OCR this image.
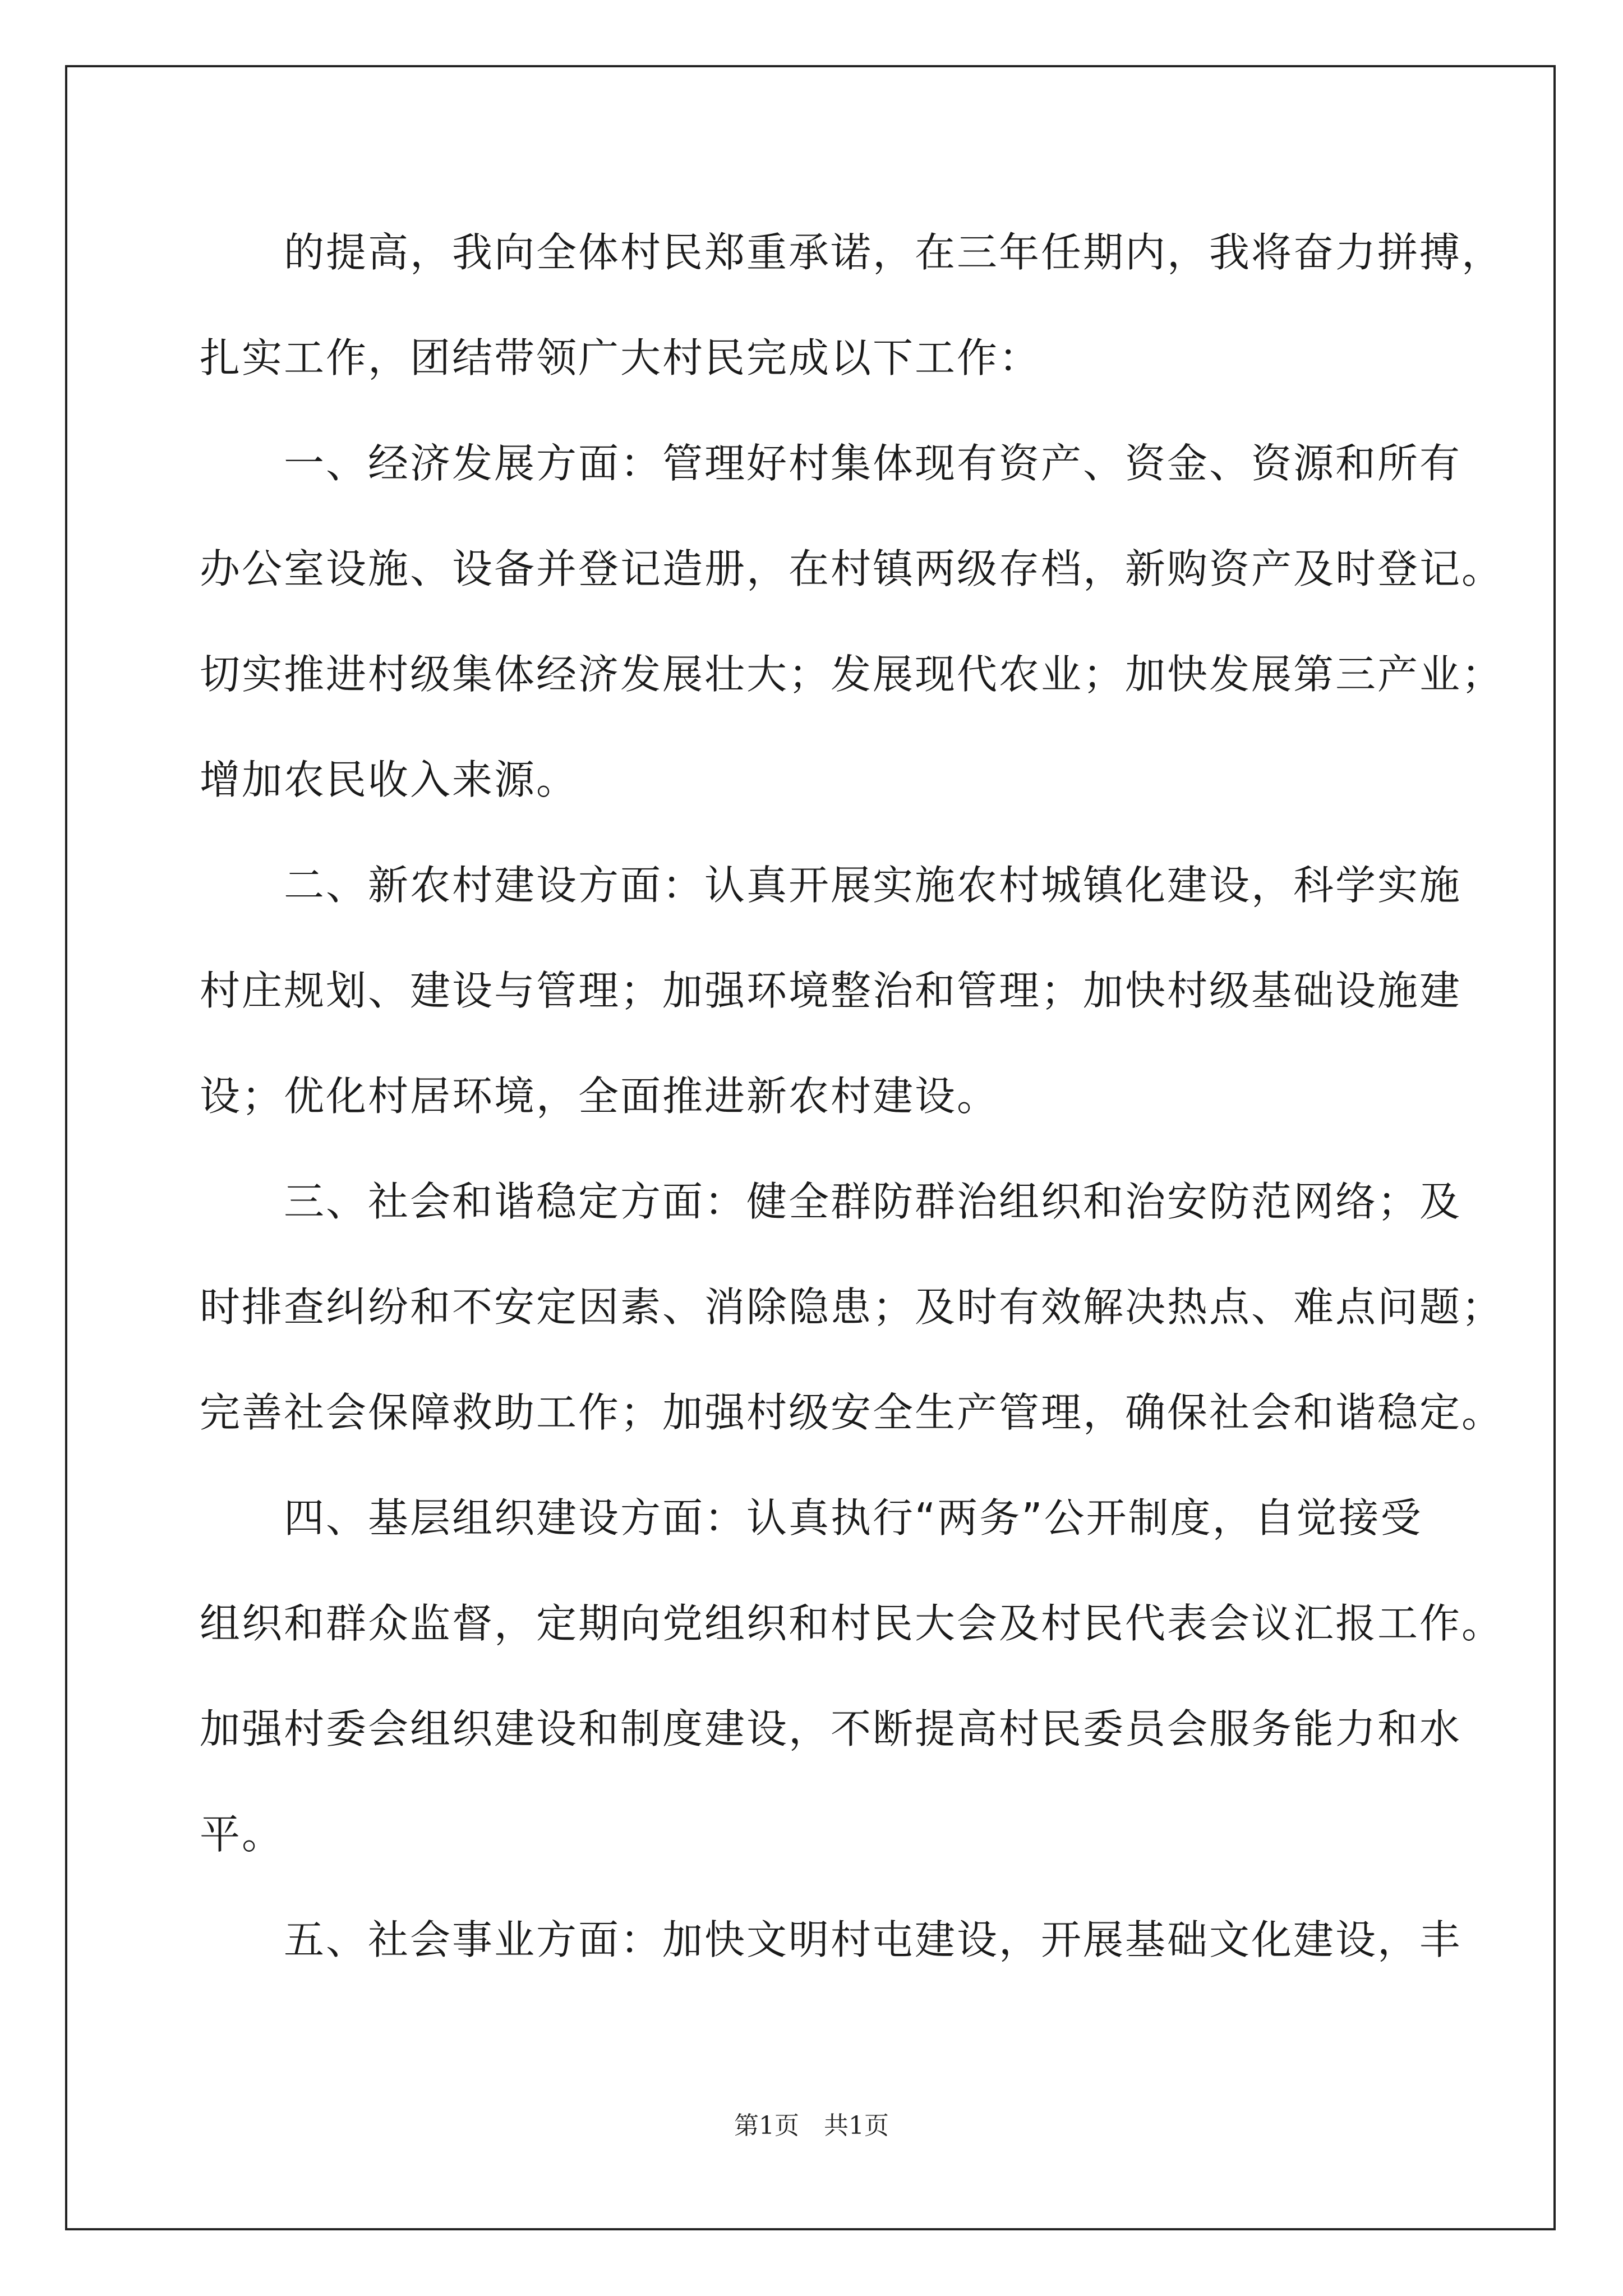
　　的提高，我向全体村民郑重承诺，在三年任期内，我将奋力拼搏，
扎实工作，团结带领广大村民完成以下工作：
　　一、经济发展方面：管理好村集体现有资产、资金、资源和所有
办公室设施、设备并登记造册，在村镇两级存档，新购资产及时登记。
切实推进村级集体经济发展壮大；发展现代农业；加快发展第三产业；
增加农民收入来源。
　　二、新农村建设方面：认真开展实施农村城镇化建设，科学实施
村庄规划、建设与管理；加强环境整治和管理；加快村级基础设施建
设；优化村居环境，全面推进新农村建设。
　　三、社会和谐稳定方面：健全群防群治组织和治安防范网络；及
时排查纠纷和不安定因素、消除隐患；及时有效解决热点、难点问题；
完善社会保障救助工作；加强村级安全生产管理，确保社会和谐稳定。
　　四、基层组织建设方面：认真执行“两务”公开制度，自觉接受
组织和群众监督，定期向党组织和村民大会及村民代表会议汇报工作。
加强村委会组织建设和制度建设，不断提高村民委员会服务能力和水
平。
　　五、社会事业方面：加快文明村屯建设，开展基础文化建设，丰
第1页　共1页
